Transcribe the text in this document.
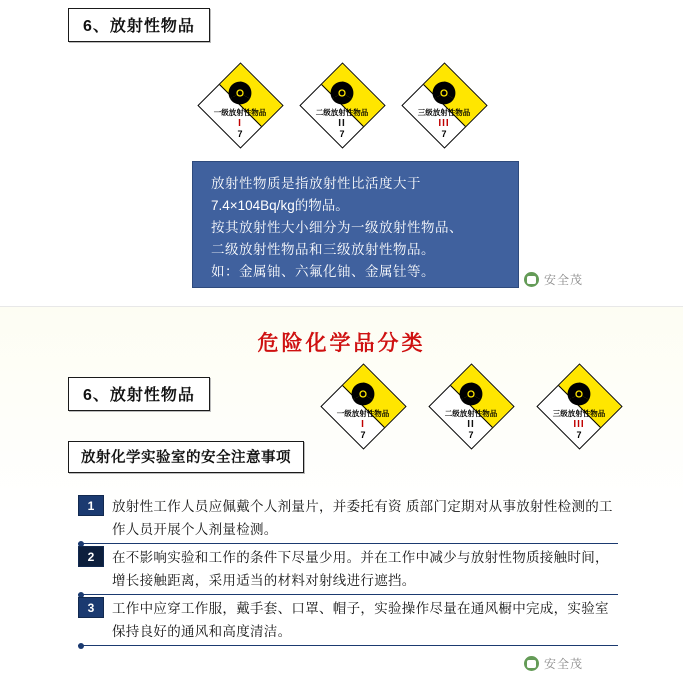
6、放射性物品
一级放射性物品
I
7
二级放射性物品
II
7
三级放射性物品
III
7

放射性物质是指放射性比活度大于

7.4×104Bq/kg的物品。

按其放射性大小细分为一级放射性物品、

二级放射性物品和三级放射性物品。

如：金属铀、六氟化铀、金属钍等。

安全茂
危险化学品分类
6、放射性物品
放射化学实验室的安全注意事项
一级放射性物品
I
7
二级放射性物品
II
7
三级放射性物品
III
7
1	放射性工作人员应佩戴个人剂量片，并委托有资 质部门定期对从事放射性检测的工作人员开展个人剂量检测。
2	在不影响实验和工作的条件下尽量少用。并在工作中减少与放射性物质接触时间，增长接触距离，采用适当的材料对射线进行遮挡。
3	工作中应穿工作服，戴手套、口罩、帽子，实验操作尽量在通风橱中完成，实验室保持良好的通风和高度清洁。
安全茂
